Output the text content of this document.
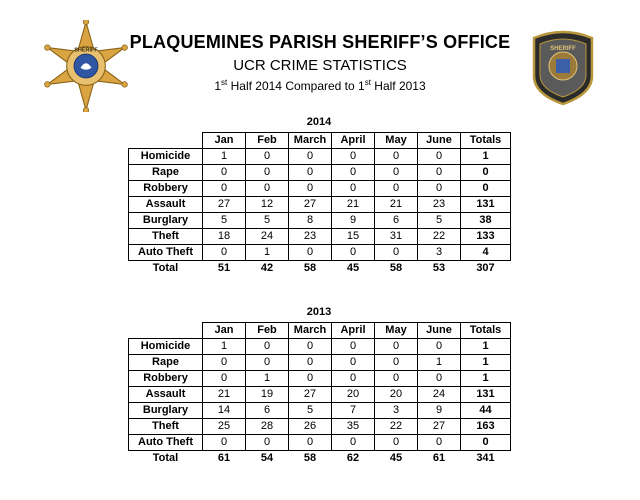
SHERIFF	SHERIFF
PLAQUEMINES PARISH SHERIFF’S OFFICE
UCR CRIME STATISTICS
1st Half 2014 Compared to 1st Half 2013
2014
	Jan	Feb	March	April	May	June	Totals
Homicide	1	0	0	0	0	0	1
Rape	0	0	0	0	0	0	0
Robbery	0	0	0	0	0	0	0
Assault	27	12	27	21	21	23	131
Burglary	5	5	8	9	6	5	38
Theft	18	24	23	15	31	22	133
Auto Theft	0	1	0	0	0	3	4
Total	51	42	58	45	58	53	307
2013
	Jan	Feb	March	April	May	June	Totals
Homicide	1	0	0	0	0	0	1
Rape	0	0	0	0	0	1	1
Robbery	0	1	0	0	0	0	1
Assault	21	19	27	20	20	24	131
Burglary	14	6	5	7	3	9	44
Theft	25	28	26	35	22	27	163
Auto Theft	0	0	0	0	0	0	0
Total	61	54	58	62	45	61	341
